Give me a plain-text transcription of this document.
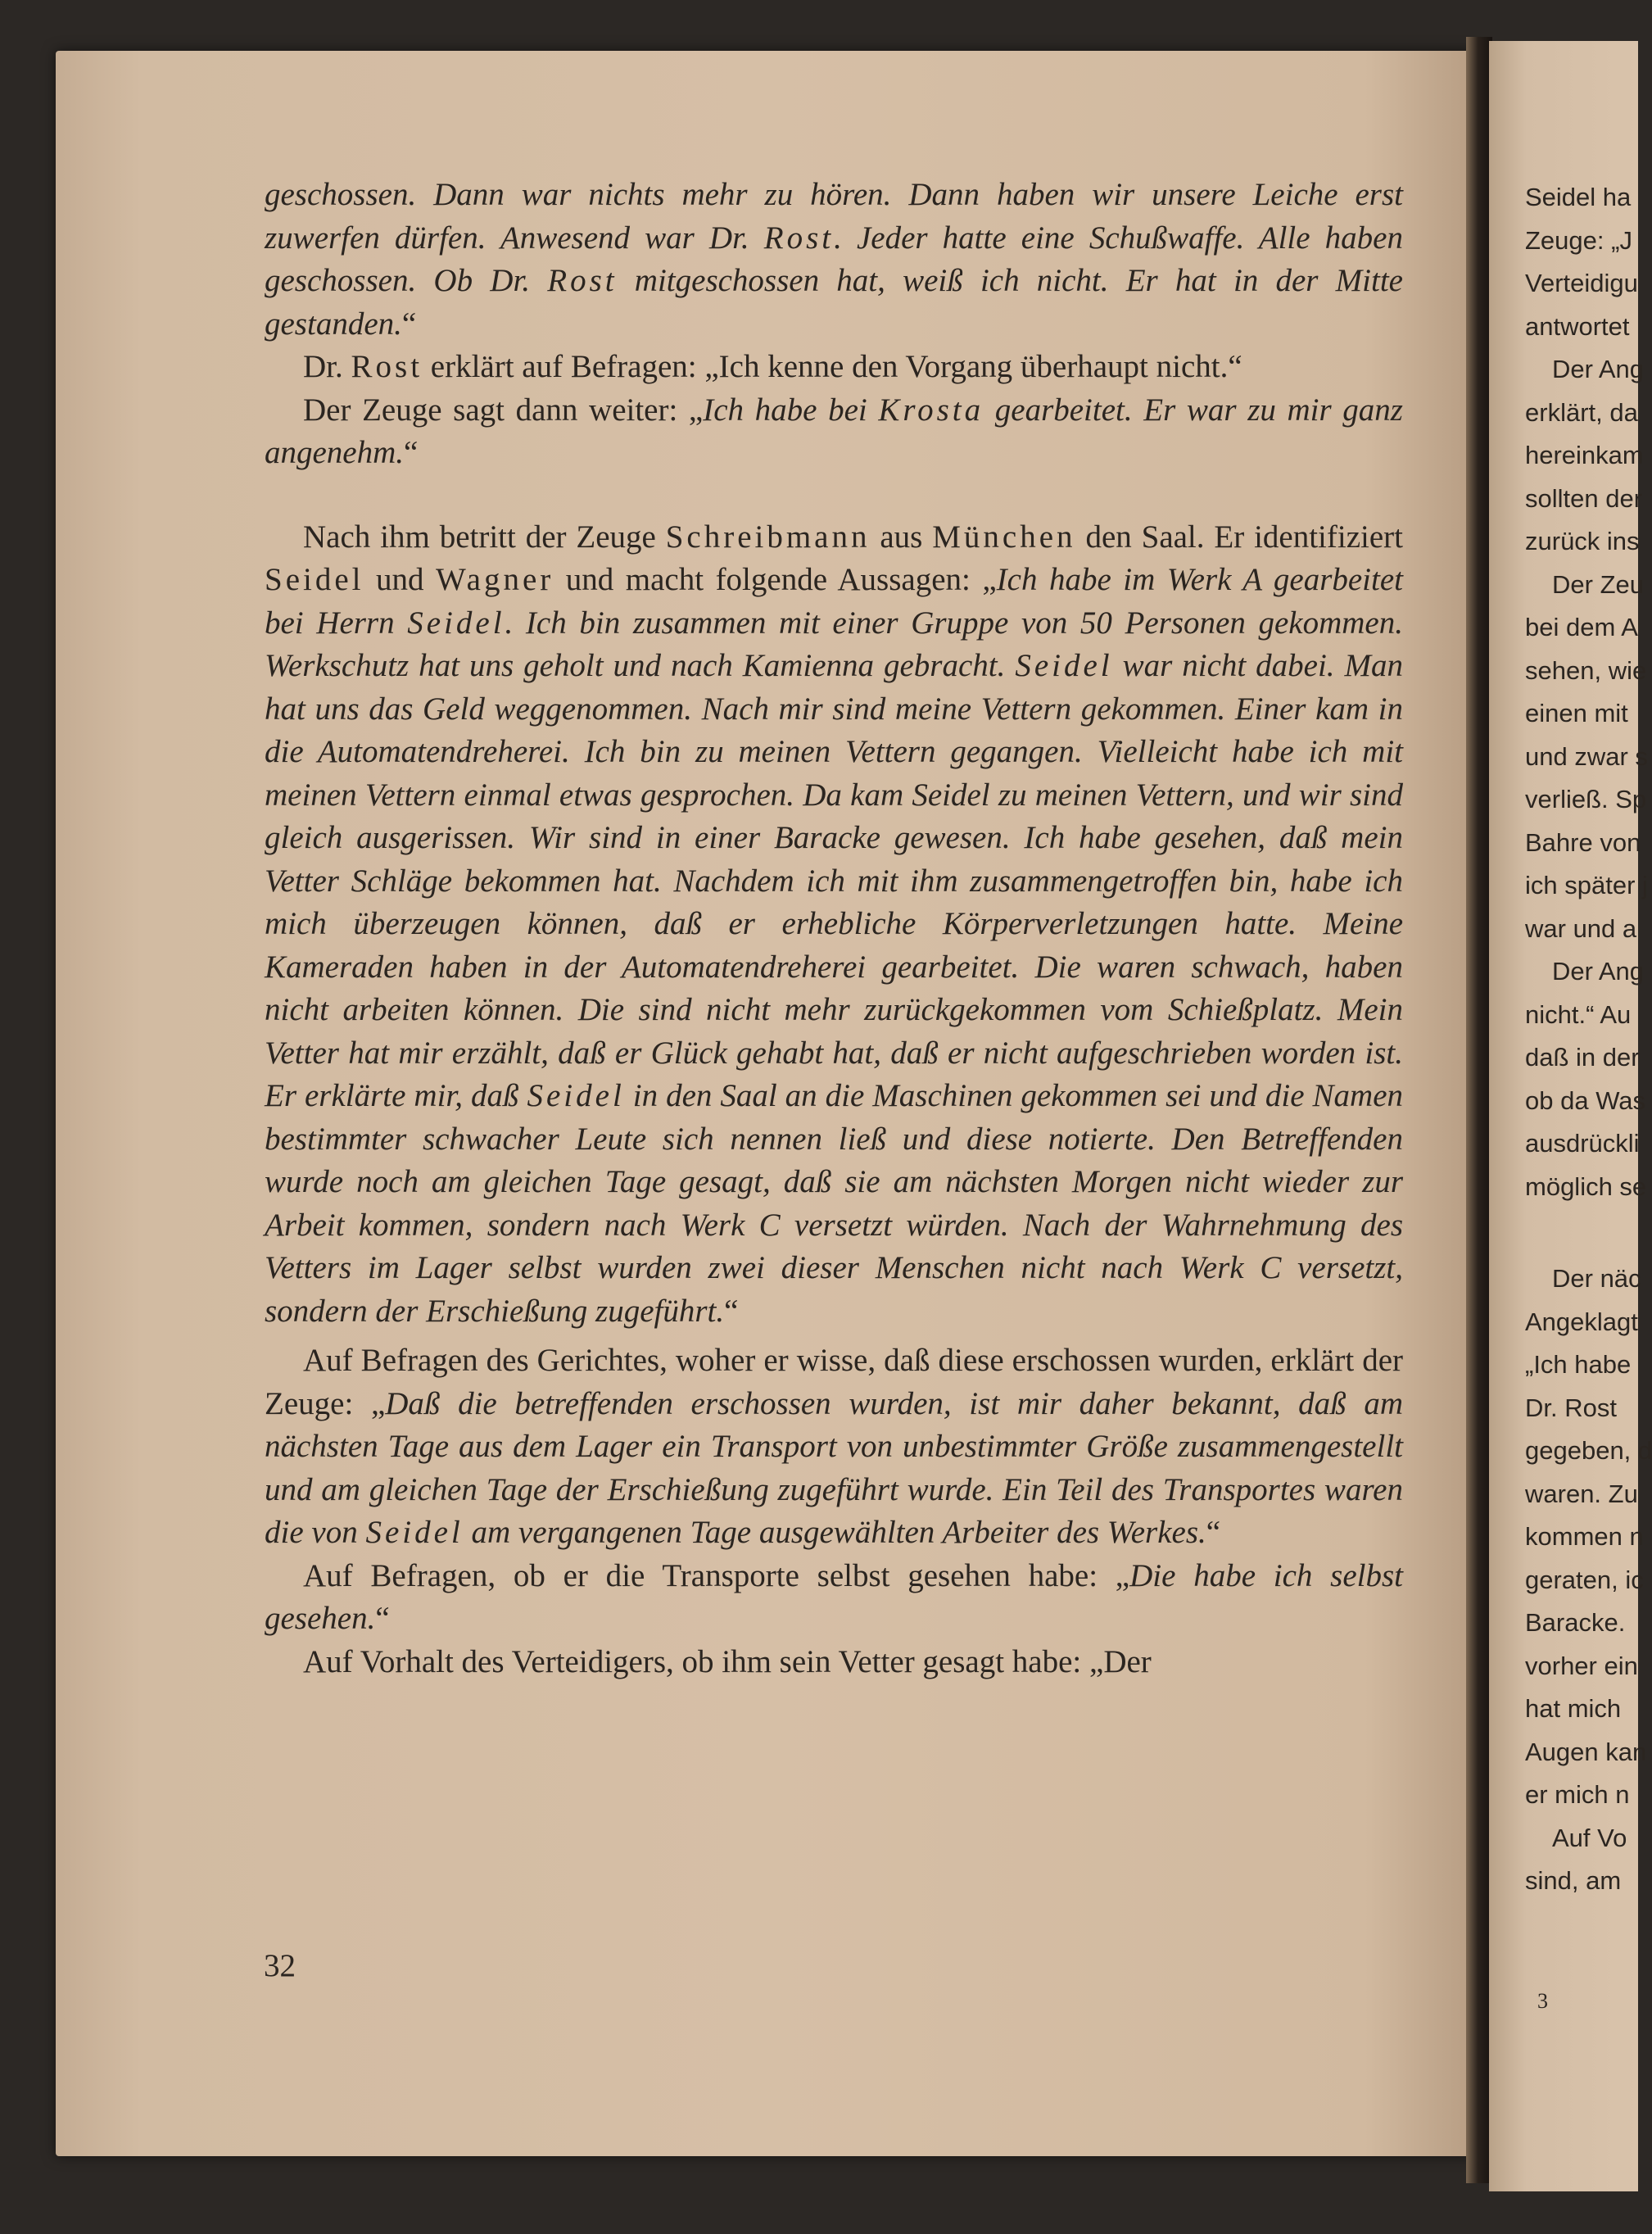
geschossen. Dann war nichts mehr zu hören. Dann haben wir unsere Leiche erst zuwerfen dürfen. Anwesend war Dr. Rost. Jeder hatte eine Schußwaffe. Alle haben geschossen. Ob Dr. Rost mitgeschossen hat, weiß ich nicht. Er hat in der Mitte gestanden.“

Dr. Rost erklärt auf Befragen: „Ich kenne den Vorgang überhaupt nicht.“

Der Zeuge sagt dann weiter: „Ich habe bei Krosta gearbeitet. Er war zu mir ganz angenehm.“

Nach ihm betritt der Zeuge Schreibmann aus München den Saal. Er identifiziert Seidel und Wagner und macht folgende Aussagen: „Ich habe im Werk A gearbeitet bei Herrn Seidel. Ich bin zusammen mit einer Gruppe von 50 Personen gekommen. Werkschutz hat uns geholt und nach Kamienna gebracht. Seidel war nicht dabei. Man hat uns das Geld weggenommen. Nach mir sind meine Vettern gekommen. Einer kam in die Automatendreherei. Ich bin zu meinen Vettern gegangen. Vielleicht habe ich mit meinen Vettern einmal etwas gesprochen. Da kam Seidel zu meinen Vettern, und wir sind gleich ausgerissen. Wir sind in einer Baracke gewesen. Ich habe gesehen, daß mein Vetter Schläge bekommen hat. Nachdem ich mit ihm zusammengetroffen bin, habe ich mich überzeugen können, daß er erhebliche Körperverletzungen hatte. Meine Kameraden haben in der Automatendreherei gearbeitet. Die waren schwach, haben nicht arbeiten können. Die sind nicht mehr zurückgekommen vom Schießplatz. Mein Vetter hat mir erzählt, daß er Glück gehabt hat, daß er nicht aufgeschrieben worden ist. Er erklärte mir, daß Seidel in den Saal an die Maschinen gekommen sei und die Namen bestimmter schwacher Leute sich nennen ließ und diese notierte. Den Betreffenden wurde noch am gleichen Tage gesagt, daß sie am nächsten Morgen nicht wieder zur Arbeit kommen, sondern nach Werk C versetzt würden. Nach der Wahrnehmung des Vetters im Lager selbst wurden zwei dieser Menschen nicht nach Werk C versetzt, sondern der Erschießung zugeführt.“

Auf Befragen des Gerichtes, woher er wisse, daß diese erschossen wurden, erklärt der Zeuge: „Daß die betreffenden erschossen wurden, ist mir daher bekannt, daß am nächsten Tage aus dem Lager ein Transport von unbestimmter Größe zusammengestellt und am gleichen Tage der Erschießung zugeführt wurde. Ein Teil des Transportes waren die von Seidel am vergangenen Tage ausgewählten Arbeiter des Werkes.“

Auf Befragen, ob er die Transporte selbst gesehen habe: „Die habe ich selbst gesehen.“

Auf Vorhalt des Verteidigers, ob ihm sein Vetter gesagt habe: „Der

32
Seidel ha
Zeuge: „J
Verteidigu
antwortet
Der Ang
erklärt, da
hereinkam
sollten der
zurück ins
Der Zeu
bei dem A
sehen, wie
einen mit
und zwar s
verließ. Sp
Bahre von
ich später j
war und a
Der Ang
nicht.“ Au
daß in der
ob da Was
ausdrückli
möglich se
Der näc
Angeklagt
„Ich habe
Dr. Rost
gegeben, d
waren. Zu
kommen n
geraten, ic
Baracke.
vorher ein
hat mich
Augen kan
er mich n
Auf Vo
sind, am
3
